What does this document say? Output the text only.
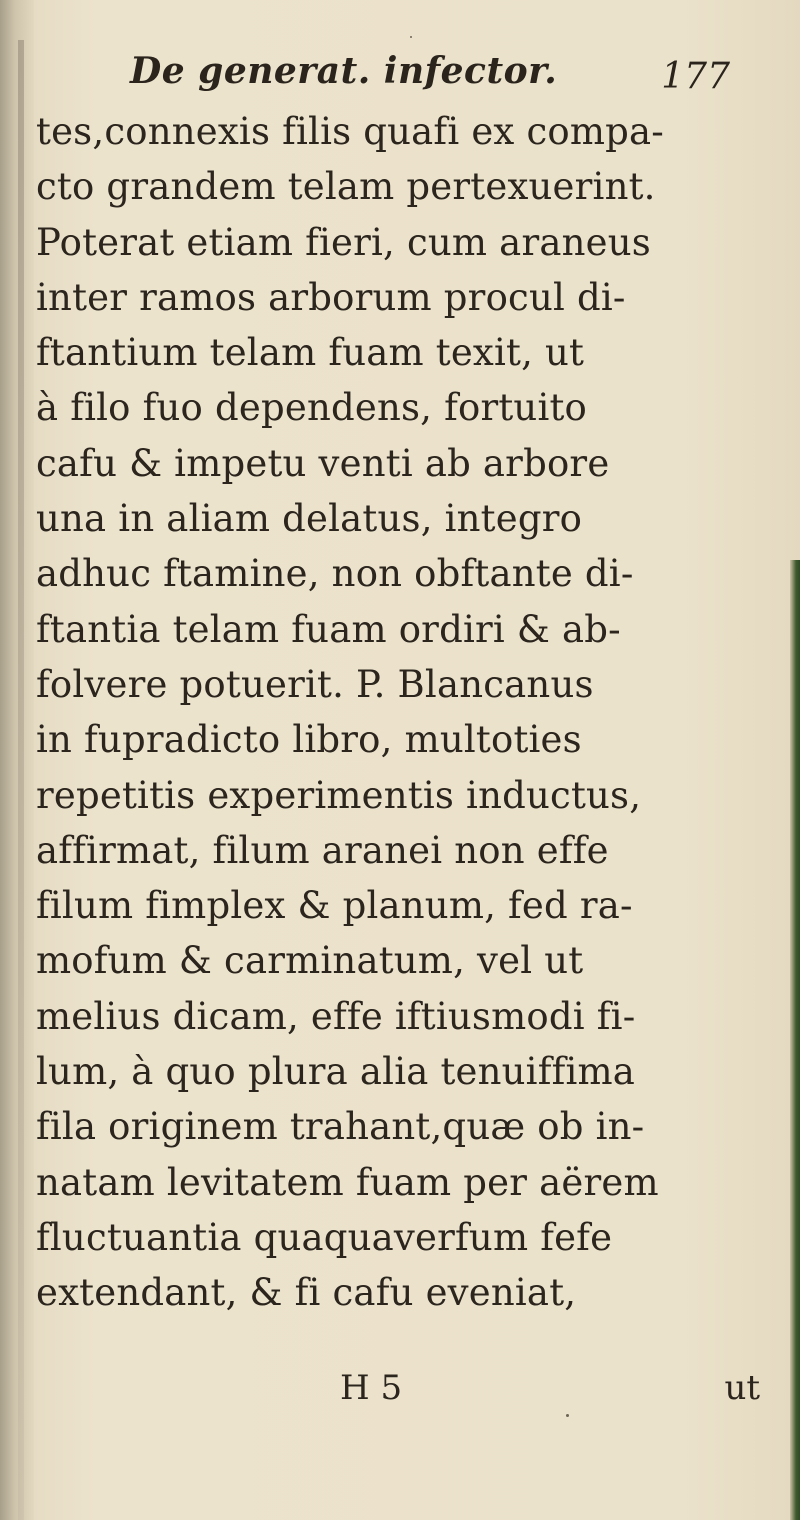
De generat. infector.	177
tes,connexis filis quafi ex compa-
cto grandem telam pertexuerint.
Poterat etiam fieri, cum araneus
inter ramos arborum procul di-
ftantium telam fuam texit, ut
à filo fuo dependens, fortuito
cafu & impetu venti ab arbore
una in aliam delatus, integro
adhuc ftamine, non obftante di-
ftantia telam fuam ordiri & ab-
folvere potuerit. P. Blancanus
in fupradicto libro, multoties
repetitis experimentis inductus,
affirmat, filum aranei non effe
filum fimplex & planum, fed ra-
mofum & carminatum, vel ut
melius dicam, effe iftiusmodi fi-
lum, à quo plura alia tenuiffima
fila originem trahant,quæ ob in-
natam levitatem fuam per aërem
fluctuantia quaquaverfum fefe
extendant, & fi cafu eveniat,
H 5	ut
